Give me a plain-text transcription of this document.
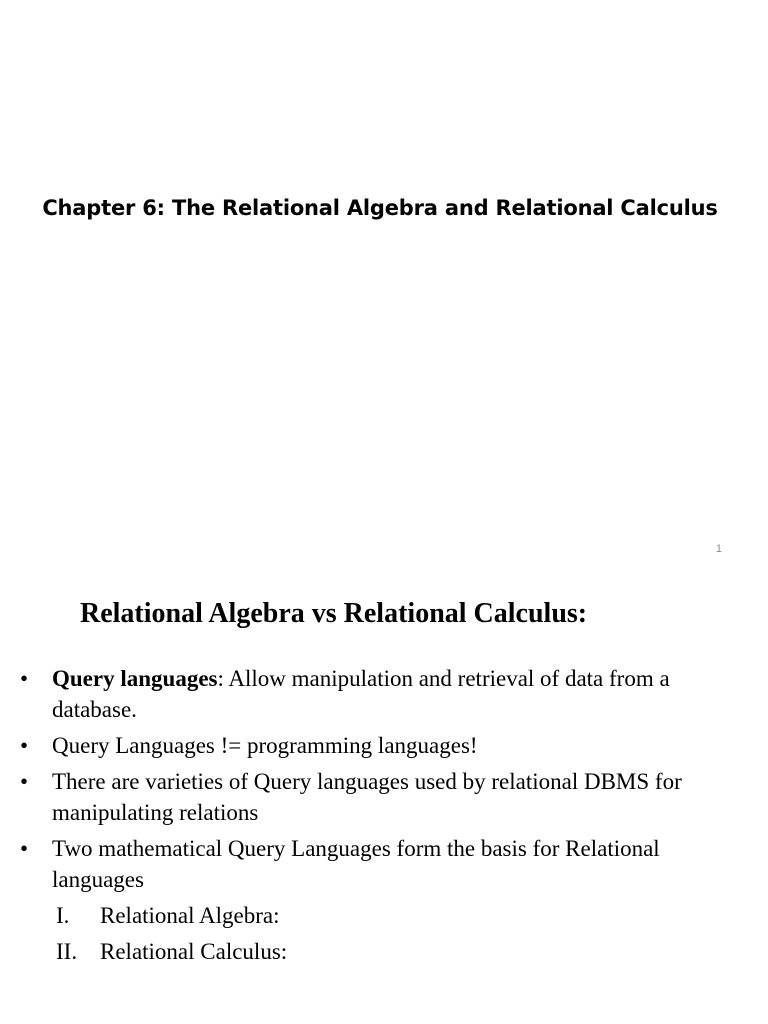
Chapter 6: The Relational Algebra and Relational Calculus
1
Relational Algebra vs Relational Calculus:
• Query languages: Allow manipulation and retrieval of data from a database.
• Query Languages != programming languages!
• There are varieties of Query languages used by relational DBMS for manipulating relations
• Two mathematical Query Languages form the basis for Relational languages
I. Relational Algebra:
II. Relational Calculus:
